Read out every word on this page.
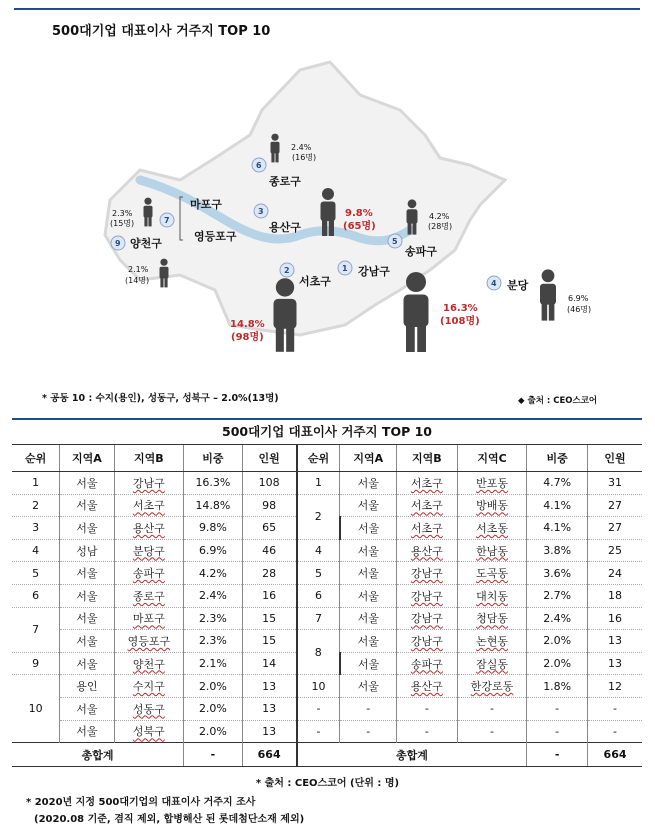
500대기업 대표이사 거주지 TOP 10
6
7
9
3
5
2	1
4
종로구
마포구
영등포구
용산구
양천구
송파구
서초구
강남구
분당
2.4%
(16명)
2.3%
(15명)
2.1%
(14명)
9.8%
(65명)
4.2%
(28명)
14.8%
(98명)
16.3%
(108명)
6.9%
(46명)
* 공동 10 : 수지(용인), 성동구, 성북구 – 2.0%(13명)	◆ 출처 : CEO스코어
500대기업 대표이사 거주지 TOP 10
순위	지역A	지역B	비중	인원	순위	지역A	지역B	지역C	비중	인원
1	서울	강남구	16.3%	108	1	서울	서초구	반포동	4.7%	31
2	서울	서초구	14.8%	98	2	서울	서초구	방배동	4.1%	27
3	서울	용산구	9.8%	65		서울	서초구	서초동	4.1%	27
4	성남	분당구	6.9%	46	4	서울	용산구	한남동	3.8%	25
5	서울	송파구	4.2%	28	5	서울	강남구	도곡동	3.6%	24
6	서울	종로구	2.4%	16	6	서울	강남구	대치동	2.7%	18
7	서울	마포구	2.3%	15	7	서울	강남구	청담동	2.4%	16
	서울	영등포구	2.3%	15	8	서울	강남구	논현동	2.0%	13
9	서울	양천구	2.1%	14		서울	송파구	잠실동	2.0%	13
10	용인	수지구	2.0%	13	10	서울	용산구	한강로동	1.8%	12
	서울	성동구	2.0%	13	-	-	-	-	-	-
	서울	성북구	2.0%	13	-	-	-	-	-	-
총합계			-	664	총합계				-	664
* 출처 : CEO스코어 (단위 : 명)
* 2020년 지정 500대기업의 대표이사 거주지 조사
(2020.08 기준, 겸직 제외, 합병해산 된 롯데첨단소재 제외)
